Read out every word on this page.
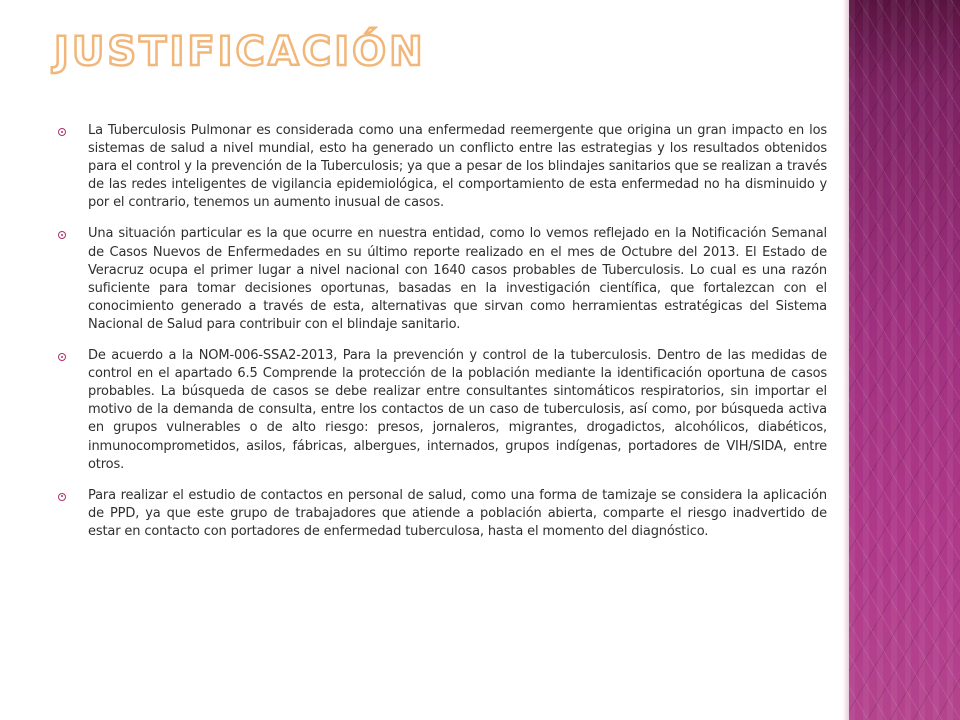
JUSTIFICACIÓN
La Tuberculosis Pulmonar es considerada como una enfermedad reemergente que origina un gran impacto en los sistemas de salud a nivel mundial, esto ha generado un conflicto entre las estrategias y los resultados obtenidos para el control y la prevención de la Tuberculosis; ya que a pesar de los blindajes sanitarios que se realizan a través de las redes inteligentes de vigilancia epidemiológica, el comportamiento de esta enfermedad no ha disminuido y por el contrario, tenemos un aumento inusual de casos.
Una situación particular es la que ocurre en nuestra entidad, como lo vemos reflejado en la Notificación Semanal de Casos Nuevos de Enfermedades en su último reporte realizado en el mes de Octubre del 2013. El Estado de Veracruz ocupa el primer lugar a nivel nacional con 1640 casos probables de Tuberculosis. Lo cual es una razón suficiente para tomar decisiones oportunas, basadas en la investigación científica, que fortalezcan con el conocimiento generado a través de esta, alternativas que sirvan como herramientas estratégicas del Sistema Nacional de Salud para contribuir con el blindaje sanitario.
De acuerdo a la NOM-006-SSA2-2013, Para la prevención y control de la tuberculosis. Dentro de las medidas de control en el apartado 6.5 Comprende la protección de la población mediante la identificación oportuna de casos probables. La búsqueda de casos se debe realizar entre consultantes sintomáticos respiratorios, sin importar el motivo de la demanda de consulta, entre los contactos de un caso de tuberculosis, así como, por búsqueda activa en grupos vulnerables o de alto riesgo: presos, jornaleros, migrantes, drogadictos, alcohólicos, diabéticos, inmunocomprometidos, asilos, fábricas, albergues, internados, grupos indígenas, portadores de VIH/SIDA, entre otros.
Para realizar el estudio de contactos en personal de salud, como una forma de tamizaje se considera la aplicación de PPD, ya que este grupo de trabajadores que atiende a población abierta, comparte el riesgo inadvertido de estar en contacto con portadores de enfermedad tuberculosa, hasta el momento del diagnóstico.
